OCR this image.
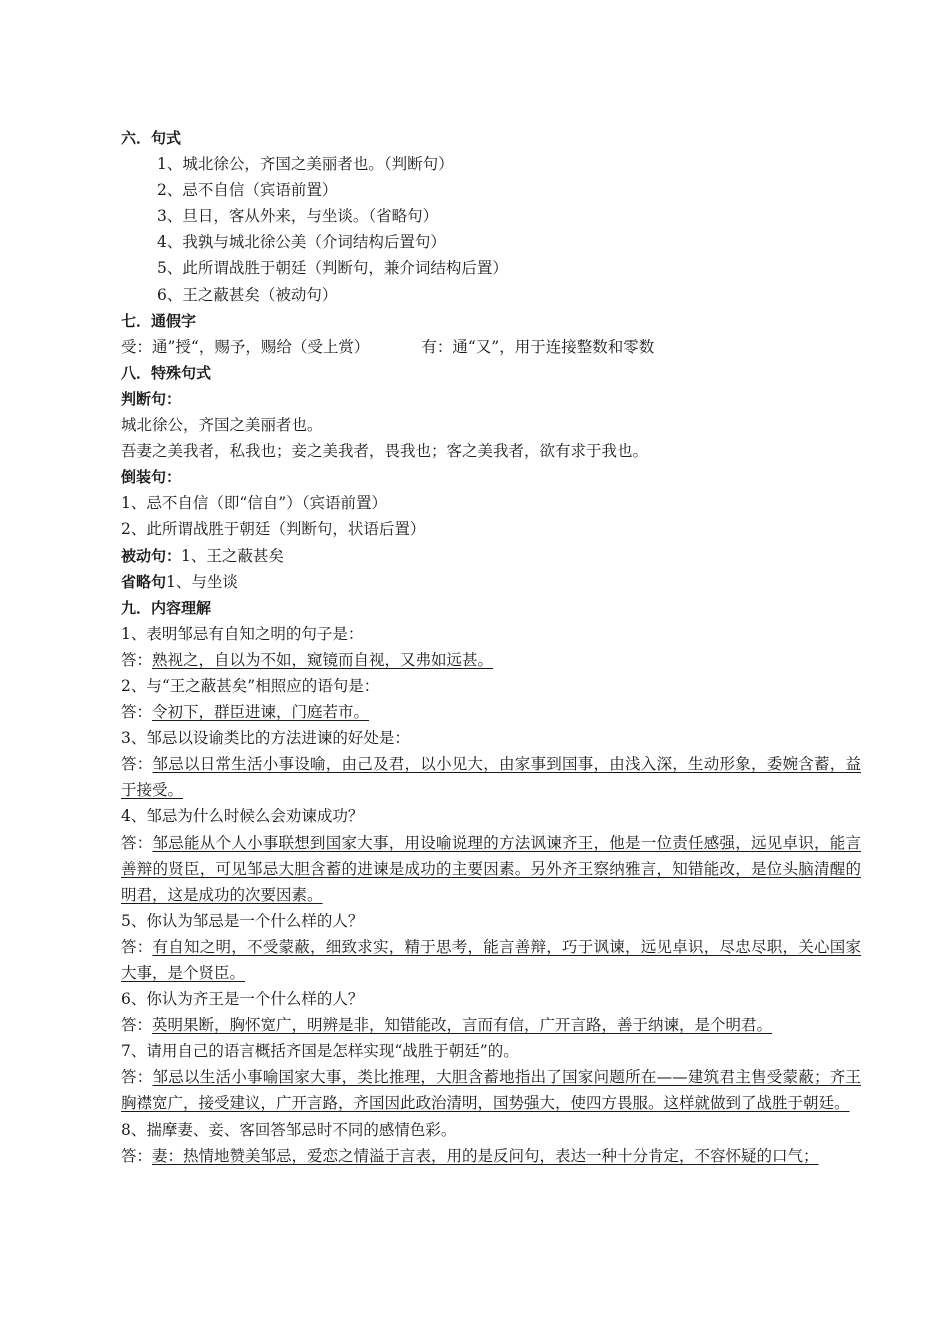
六．句式
1、城北徐公，齐国之美丽者也。（判断句）
2、忌不自信（宾语前置）
3、旦日，客从外来，与坐谈。（省略句）
4、我孰与城北徐公美（介词结构后置句）
5、此所谓战胜于朝廷（判断句，兼介词结构后置）
6、王之蔽甚矣（被动句）
七．通假字
受：通”授“，赐予，赐给（受上赏）	有：通“又”，用于连接整数和零数
八．特殊句式
判断句：
城北徐公，齐国之美丽者也。
吾妻之美我者，私我也；妾之美我者，畏我也；客之美我者，欲有求于我也。
倒装句：
1、忌不自信（即“信自”）（宾语前置）
2、此所谓战胜于朝廷（判断句，状语后置）
被动句：1、王之蔽甚矣
省略句1、与坐谈
九．内容理解
1、表明邹忌有自知之明的句子是：
答：熟视之，自以为不如，窥镜而自视，又弗如远甚。
2、与“王之蔽甚矣”相照应的语句是：
答：令初下，群臣进谏，门庭若市。
3、邹忌以设谕类比的方法进谏的好处是：
答：邹忌以日常生活小事设喻，由己及君，以小见大，由家事到国事，由浅入深，生动形象，委婉含蓄，益于接受。
4、邹忌为什么时候么会劝谏成功？
答：邹忌能从个人小事联想到国家大事，用设喻说理的方法讽谏齐王，他是一位责任感强，远见卓识，能言善辩的贤臣，可见邹忌大胆含蓄的进谏是成功的主要因素。另外齐王察纳雅言，知错能改，是位头脑清醒的明君，这是成功的次要因素。
5、你认为邹忌是一个什么样的人？
答：有自知之明，不受蒙蔽，细致求实，精于思考，能言善辩，巧于讽谏，远见卓识，尽忠尽职，关心国家大事，是个贤臣。
6、你认为齐王是一个什么样的人？
答：英明果断，胸怀宽广，明辨是非，知错能改，言而有信，广开言路，善于纳谏，是个明君。
7、请用自己的语言概括齐国是怎样实现“战胜于朝廷”的。
答：邹忌以生活小事喻国家大事，类比推理，大胆含蓄地指出了国家问题所在——建筑君主售受蒙蔽；齐王胸襟宽广，接受建议，广开言路，齐国因此政治清明，国势强大，使四方畏服。这样就做到了战胜于朝廷。
8、揣摩妻、妾、客回答邹忌时不同的感情色彩。
答：妻：热情地赞美邹忌，爱恋之情溢于言表，用的是反问句，表达一种十分肯定，不容怀疑的口气；
